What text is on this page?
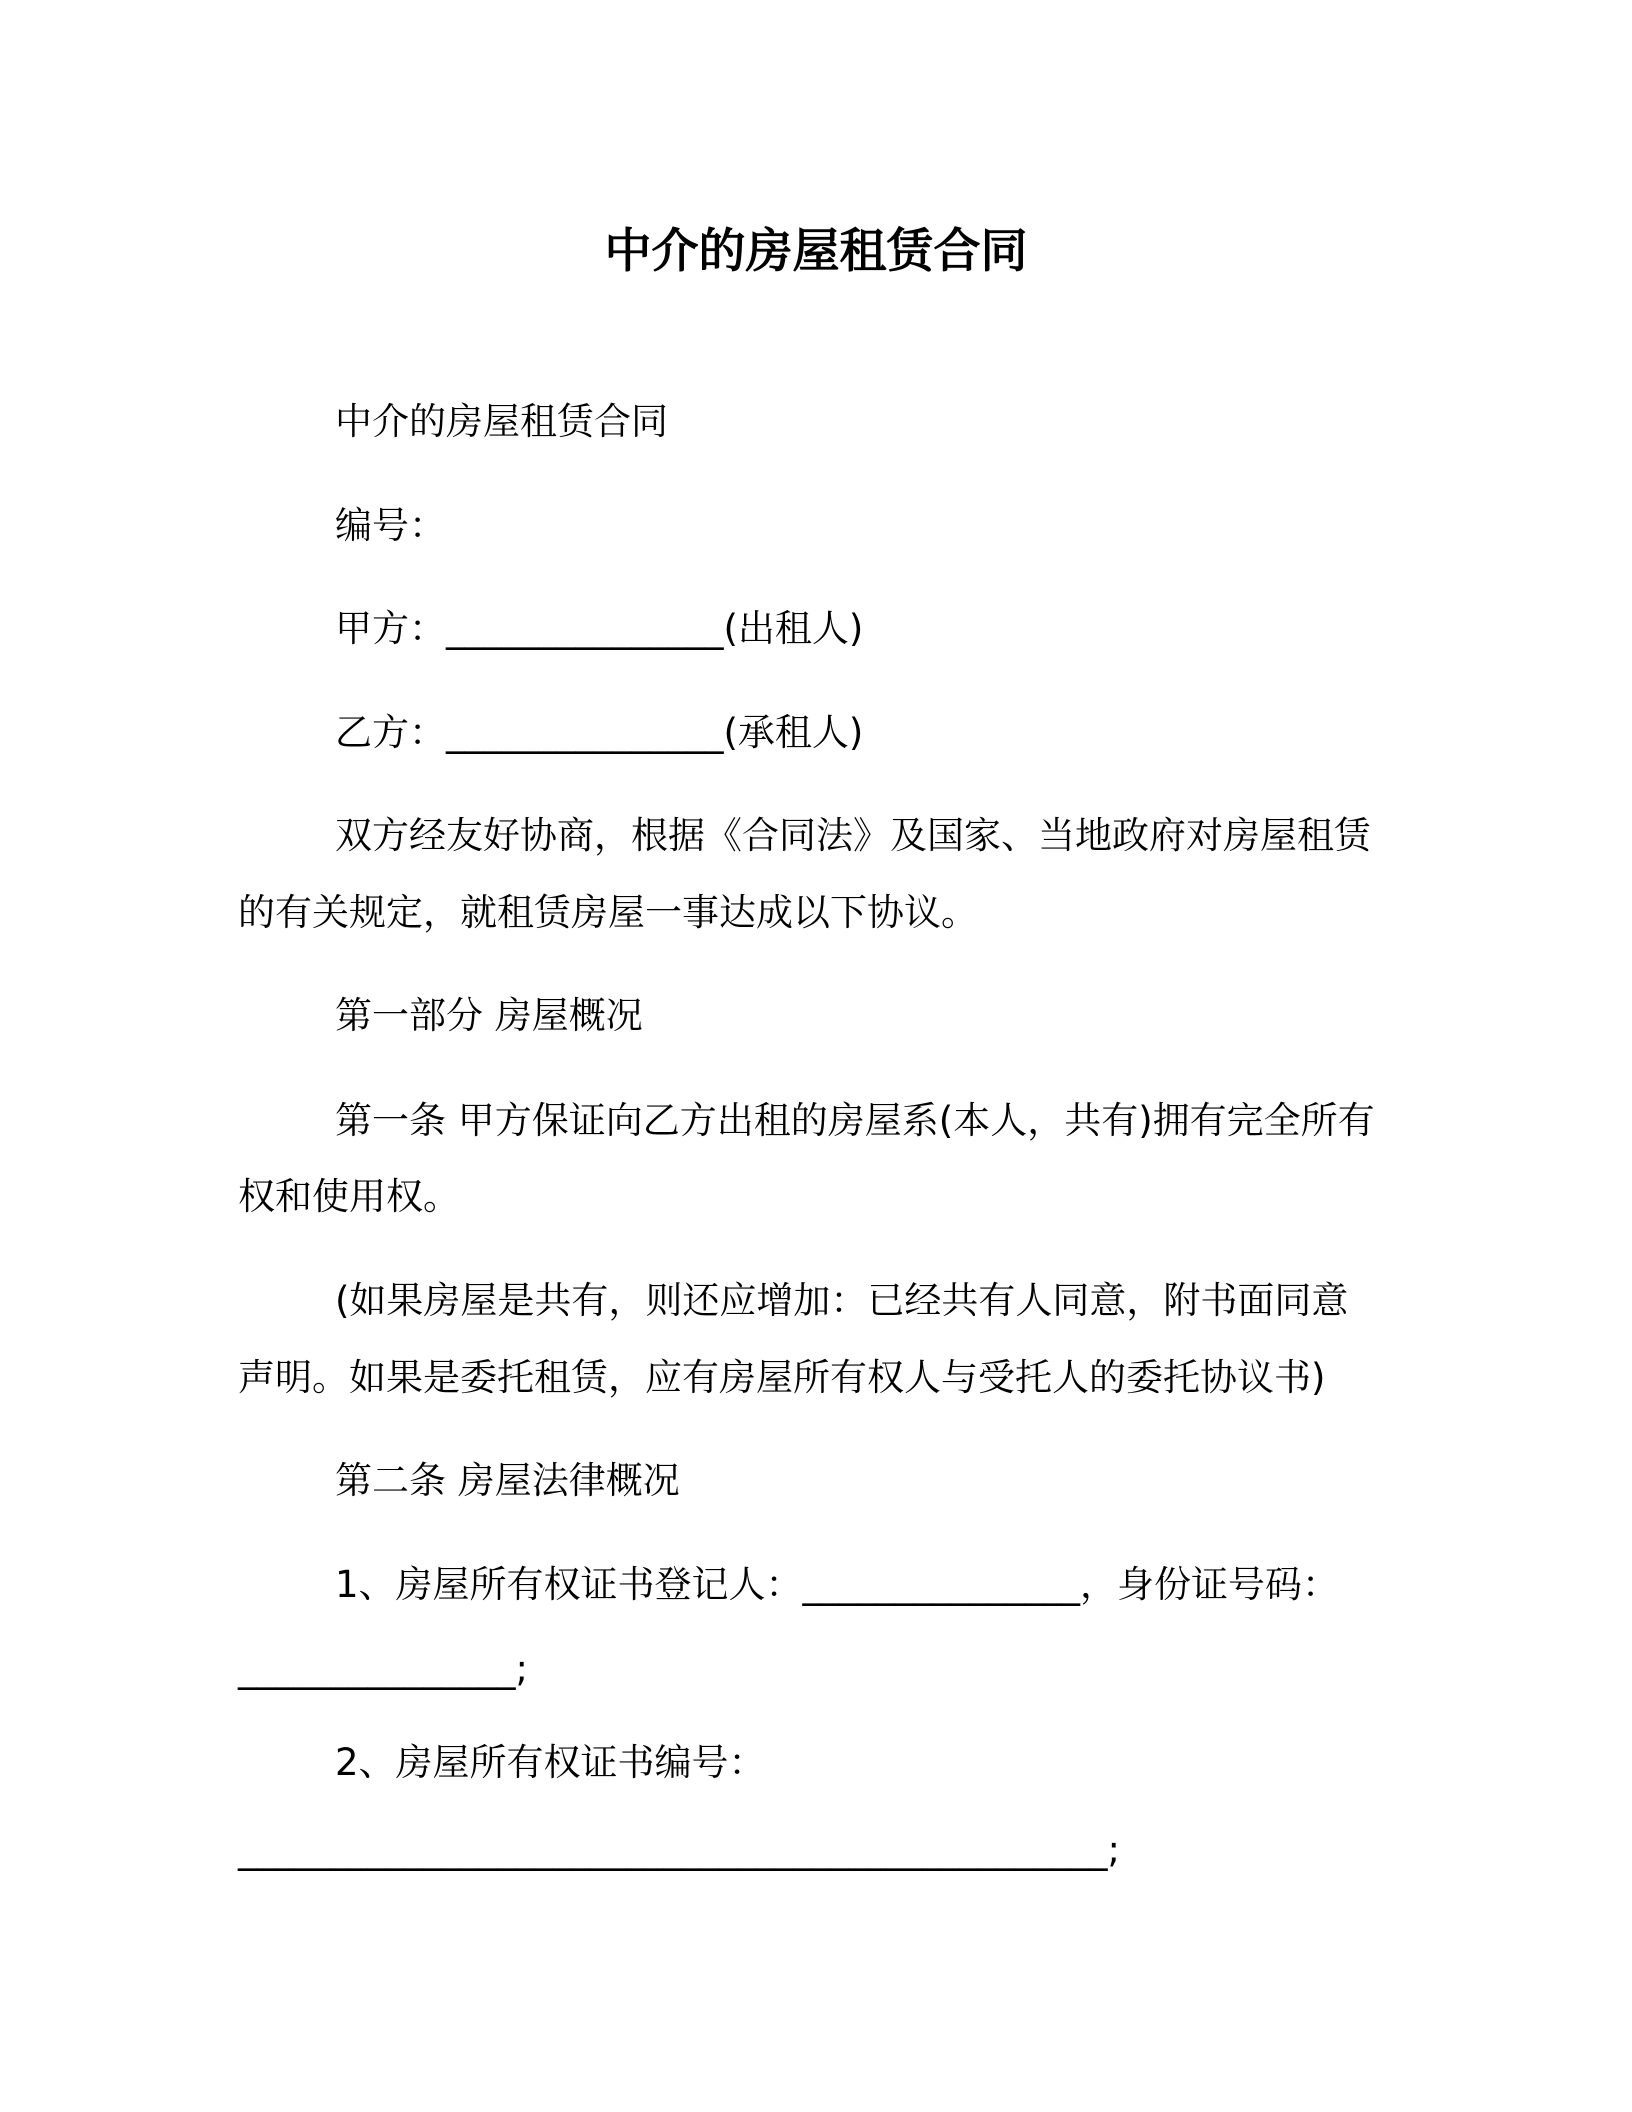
中介的房屋租赁合同
中介的房屋租赁合同
编号：
甲方：_______________(出租人)
乙方：_______________(承租人)
双方经友好协商，根据《合同法》及国家、当地政府对房屋租赁
的有关规定，就租赁房屋一事达成以下协议。
第一部分 房屋概况
第一条 甲方保证向乙方出租的房屋系(本人，共有)拥有完全所有
权和使用权。
(如果房屋是共有，则还应增加：已经共有人同意，附书面同意
声明。如果是委托租赁，应有房屋所有权人与受托人的委托协议书)
第二条 房屋法律概况
1、房屋所有权证书登记人：_______________，身份证号码：
_______________;
2、房屋所有权证书编号：
_______________________________________________;
